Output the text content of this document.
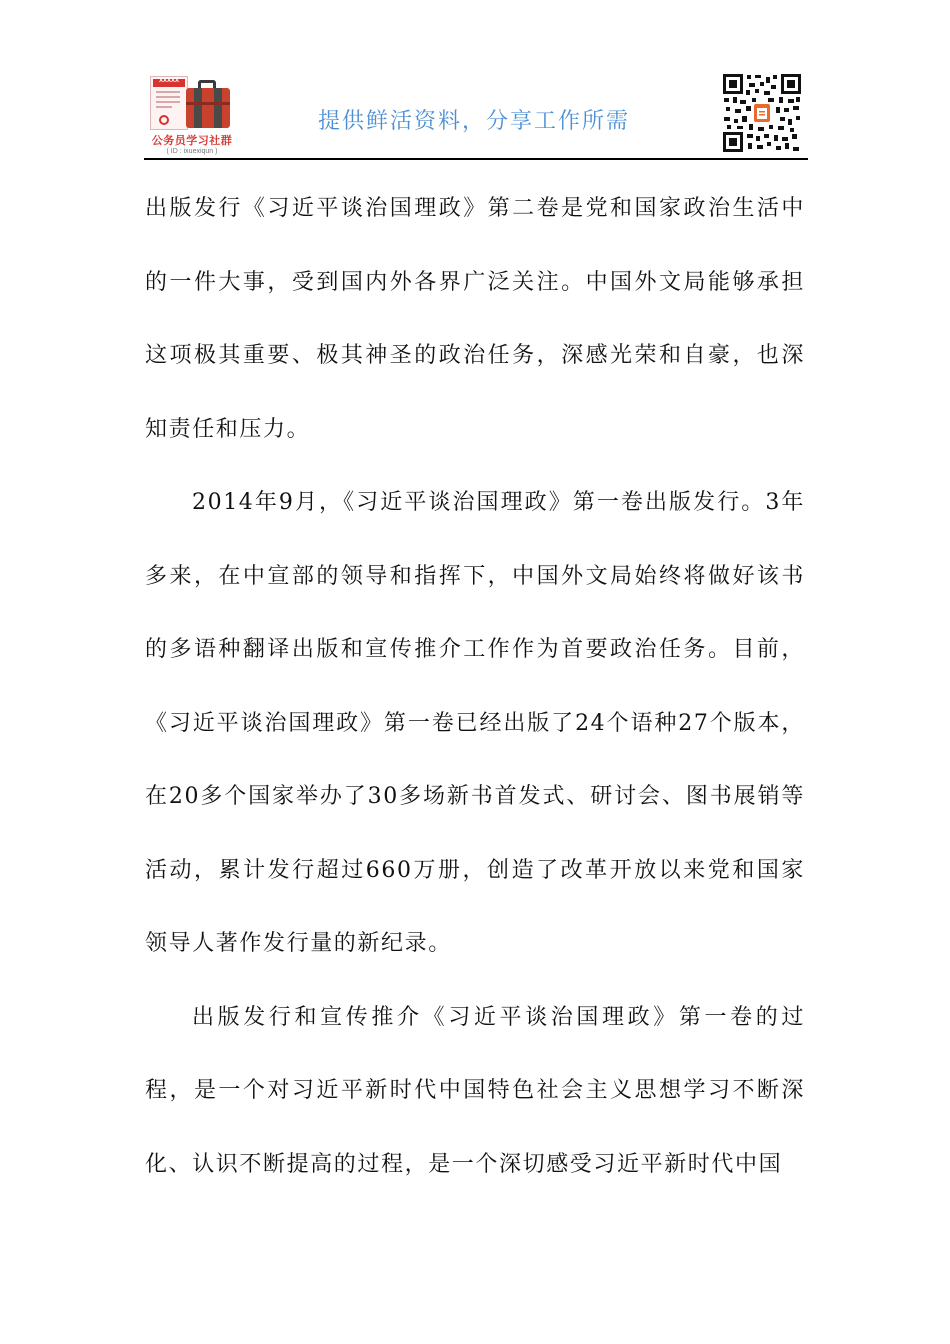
XXXXX
公务员学习社群
( ID : ixuexiqun )
提供鲜活资料，分享工作所需

出版发行《习近平谈治国理政》第二卷是党和国家政治生活中的一件大事，受到国内外各界广泛关注。中国外文局能够承担这项极其重要、极其神圣的政治任务，深感光荣和自豪，也深知责任和压力。

2014年9月，《习近平谈治国理政》第一卷出版发行。3年多来，在中宣部的领导和指挥下，中国外文局始终将做好该书的多语种翻译出版和宣传推介工作作为首要政治任务。目前，《习近平谈治国理政》第一卷已经出版了24个语种27个版本，在20多个国家举办了30多场新书首发式、研讨会、图书展销等活动，累计发行超过660万册，创造了改革开放以来党和国家领导人著作发行量的新纪录。

出版发行和宣传推介《习近平谈治国理政》第一卷的过程，是一个对习近平新时代中国特色社会主义思想学习不断深化、认识不断提高的过程，是一个深切感受习近平新时代中国
